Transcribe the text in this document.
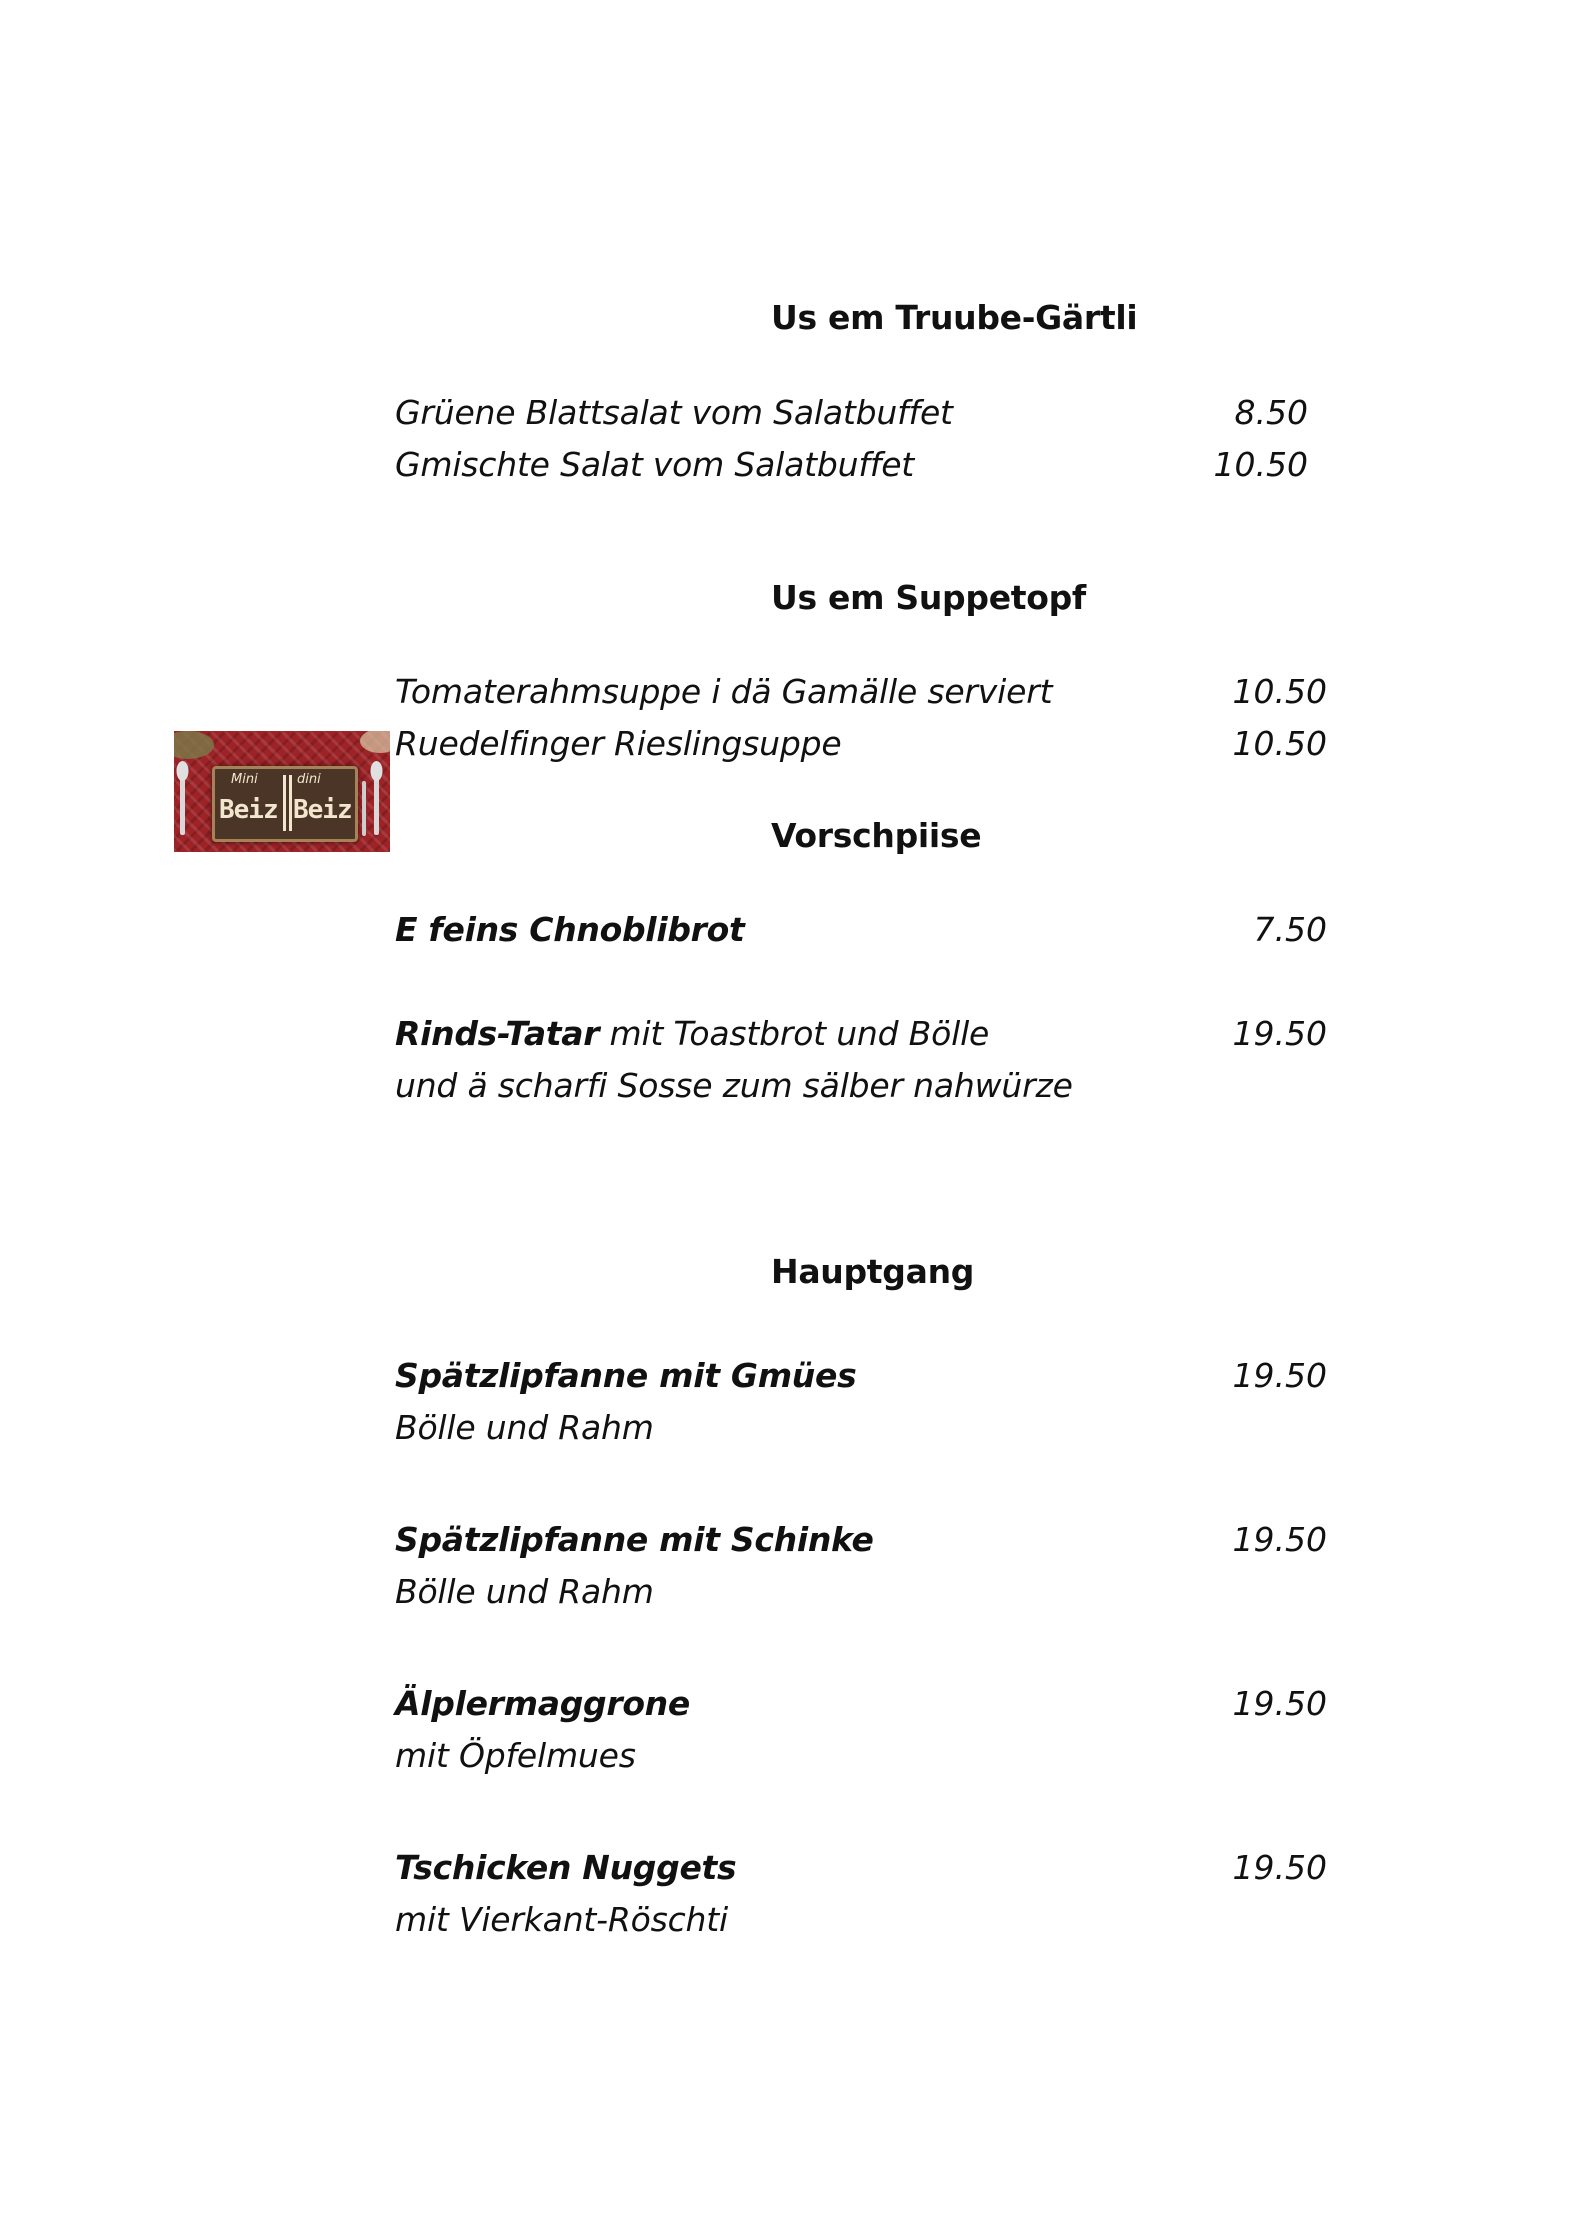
Us em Truube-Gärtli
Grüene Blattsalat vom Salatbuffet	8.50
Gmischte Salat vom Salatbuffet	10.50
Us em Suppetopf
Tomaterahmsuppe i dä Gamälle serviert	10.50
Ruedelfinger Rieslingsuppe	10.50
Mini	dini
Beiz Beiz
Vorschpiise
E feins Chnoblibrot	7.50
Rinds-Tatar mit Toastbrot und Bölle	19.50
und ä scharfi Sosse zum sälber nahwürze
Hauptgang
Spätzlipfanne mit Gmües	19.50
Bölle und Rahm
Spätzlipfanne mit Schinke	19.50
Bölle und Rahm
Älplermaggrone	19.50
mit Öpfelmues
Tschicken Nuggets	19.50
mit Vierkant-Röschti
